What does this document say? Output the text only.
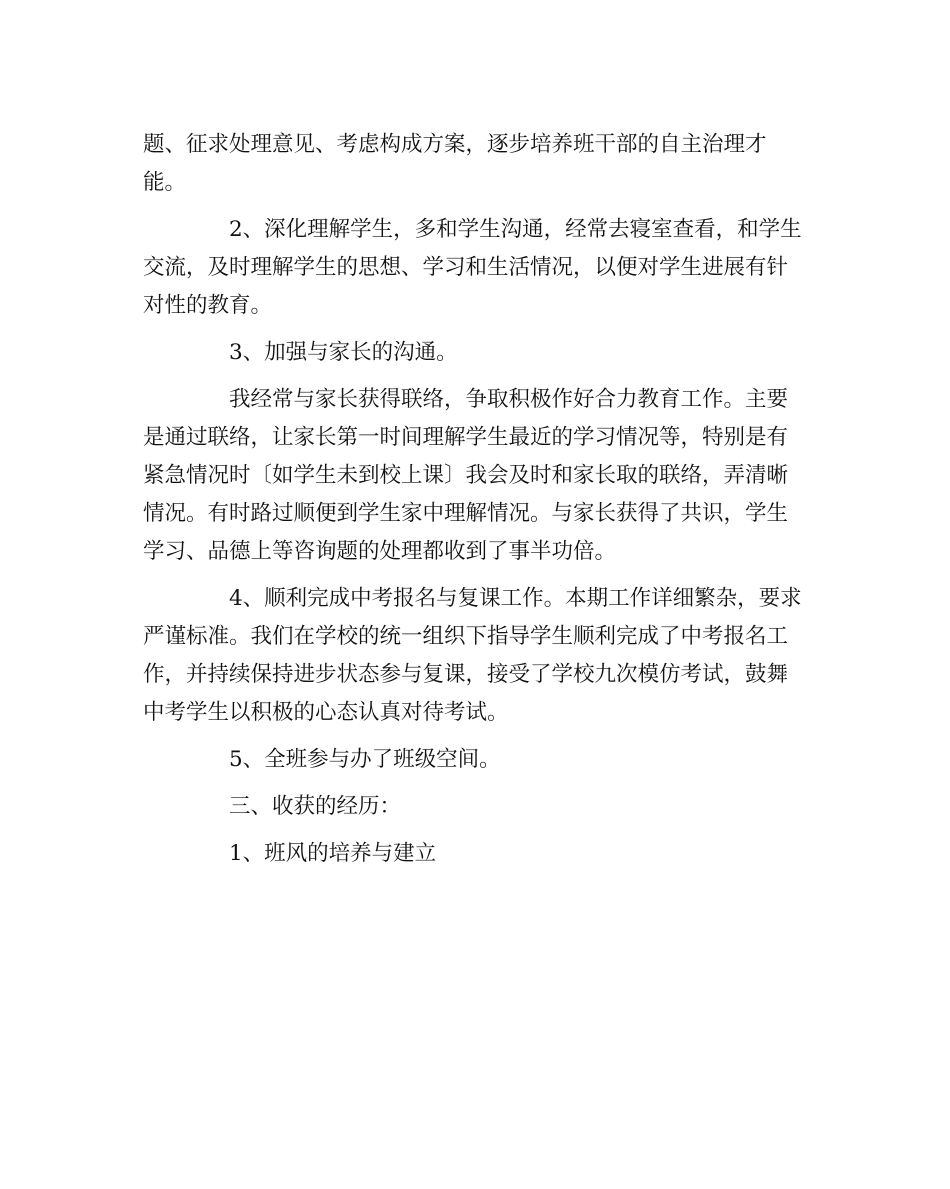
题、征求处理意见、考虑构成方案，逐步培养班干部的自主治理才

能。

2、深化理解学生，多和学生沟通，经常去寝室查看，和学生

交流，及时理解学生的思想、学习和生活情况，以便对学生进展有针

对性的教育。

3、加强与家长的沟通。

我经常与家长获得联络，争取积极作好合力教育工作。主要

是通过联络，让家长第一时间理解学生最近的学习情况等，特别是有

紧急情况时〔如学生未到校上课〕我会及时和家长取的联络，弄清晰

情况。有时路过顺便到学生家中理解情况。与家长获得了共识，学生

学习、品德上等咨询题的处理都收到了事半功倍。

4、顺利完成中考报名与复课工作。本期工作详细繁杂，要求

严谨标准。我们在学校的统一组织下指导学生顺利完成了中考报名工

作，并持续保持进步状态参与复课，接受了学校九次模仿考试，鼓舞

中考学生以积极的心态认真对待考试。

5、全班参与办了班级空间。

三、收获的经历：

1、班风的培养与建立
